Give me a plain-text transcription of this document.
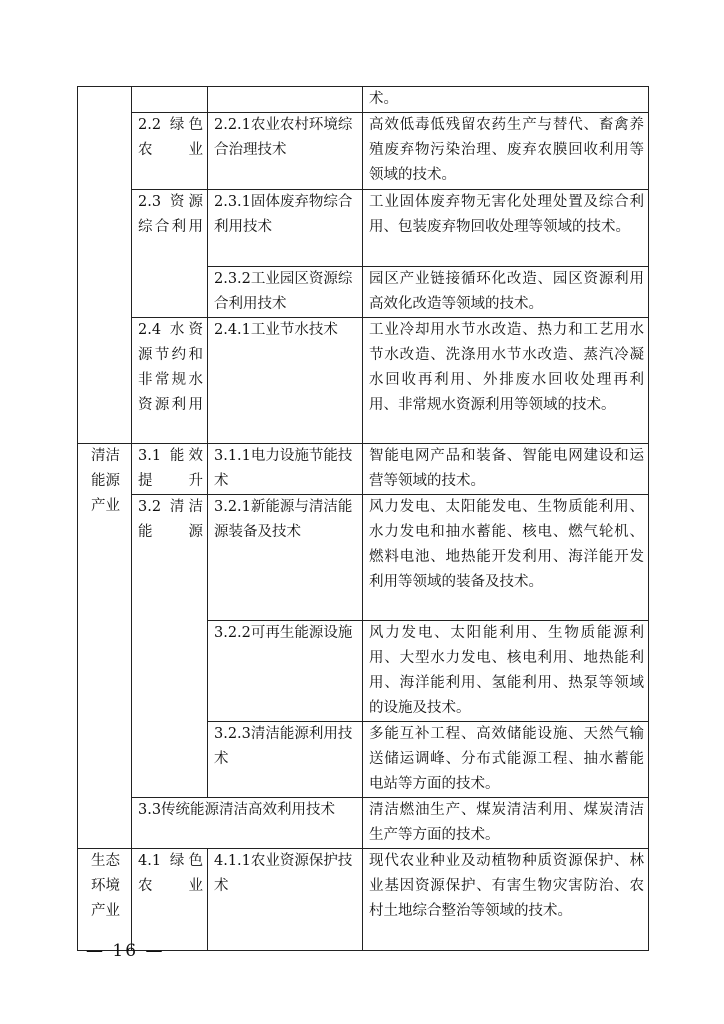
			术。
	2.2 绿色农业	2.2.1农业农村环境综合治理技术	高效低毒低残留农药生产与替代、畜禽养殖废弃物污染治理、废弃农膜回收利用等领域的技术。
	2.3 资源综合利用	2.3.1固体废弃物综合利用技术	工业固体废弃物无害化处理处置及综合利用、包装废弃物回收处理等领域的技术。
		2.3.2工业园区资源综合利用技术	园区产业链接循环化改造、园区资源利用高效化改造等领域的技术。
	2.4 水资源节约和非常规水资源利用	2.4.1工业节水技术	工业冷却用水节水改造、热力和工艺用水节水改造、洗涤用水节水改造、蒸汽冷凝水回收再利用、外排废水回收处理再利用、非常规水资源利用等领域的技术。
清洁能源产业	3.1 能效提升	3.1.1电力设施节能技术	智能电网产品和装备、智能电网建设和运营等领域的技术。
	3.2 清洁能源	3.2.1新能源与清洁能源装备及技术	风力发电、太阳能发电、生物质能利用、水力发电和抽水蓄能、核电、燃气轮机、燃料电池、地热能开发利用、海洋能开发利用等领域的装备及技术。
		3.2.2可再生能源设施	风力发电、太阳能利用、生物质能源利用、大型水力发电、核电利用、地热能利用、海洋能利用、氢能利用、热泵等领域的设施及技术。
		3.2.3清洁能源利用技术	多能互补工程、高效储能设施、天然气输送储运调峰、分布式能源工程、抽水蓄能电站等方面的技术。
	3.3传统能源清洁高效利用技术		清洁燃油生产、煤炭清洁利用、煤炭清洁生产等方面的技术。
生态环境产业	4.1 绿色农业	4.1.1农业资源保护技术	现代农业种业及动植物种质资源保护、林业基因资源保护、有害生物灾害防治、农村土地综合整治等领域的技术。
— 16 —
